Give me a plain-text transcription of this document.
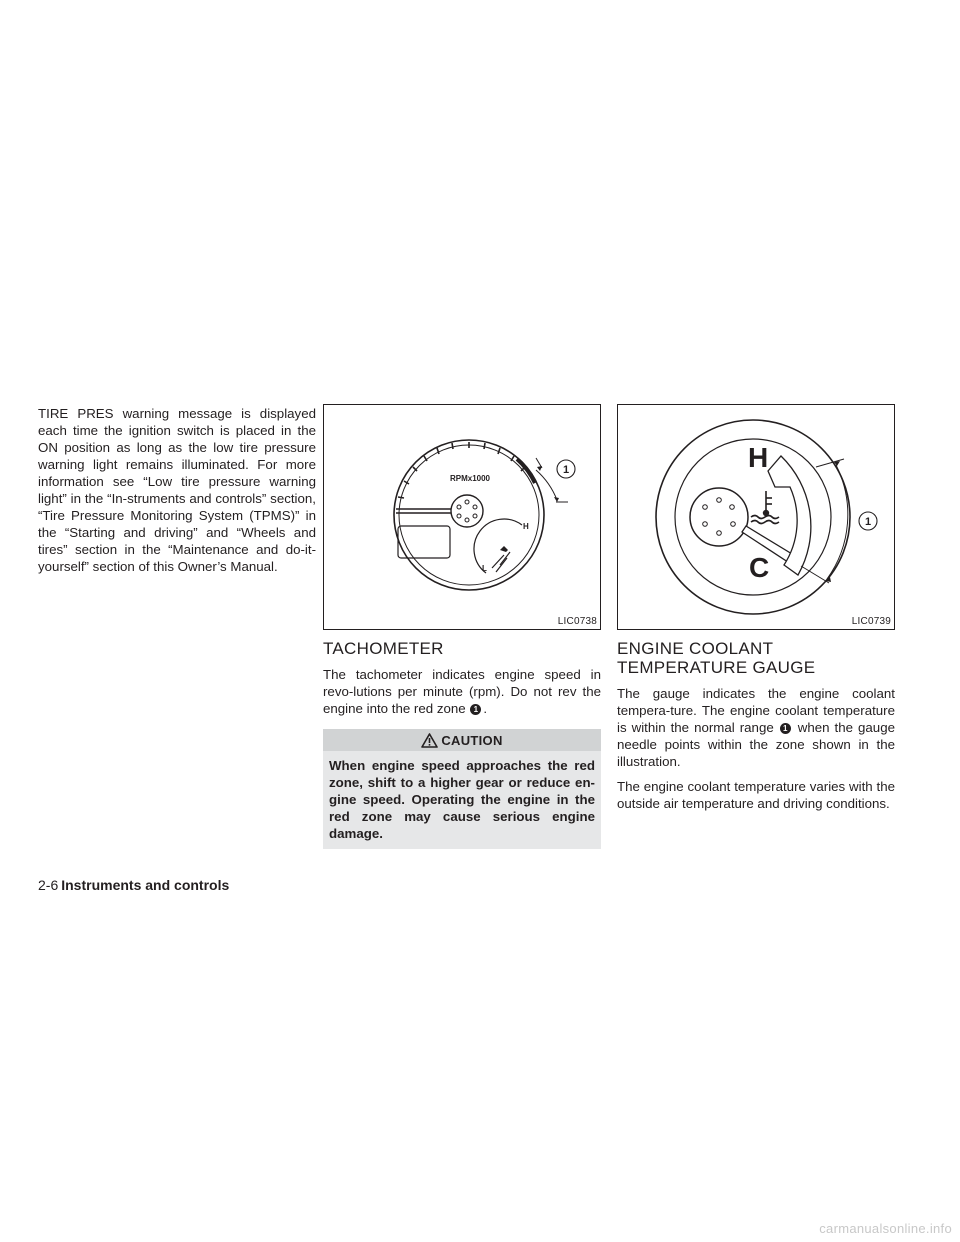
TIRE PRES warning message is displayed each time the ignition switch is placed in the ON position as long as the low tire pressure warning light remains illuminated. For more information see “Low tire pressure warning light” in the “In-struments and controls” section, “Tire Pressure Monitoring System (TPMS)” in the “Starting and driving” and “Wheels and tires” section in the “Maintenance and do-it-yourself” section of this Owner’s Manual.

1
RPMx1000
H
L
LIC0738
TACHOMETER

The tachometer indicates engine speed in revo-lutions per minute (rpm). Do not rev the engine into the red zone 1 .

CAUTION
When engine speed approaches the red zone, shift to a higher gear or reduce en-gine speed. Operating the engine in the red zone may cause serious engine damage.
1
H
C
LIC0739
ENGINE COOLANT TEMPERATURE GAUGE

The gauge indicates the engine coolant tempera-ture. The engine coolant temperature is within the normal range 1 when the gauge needle points within the zone shown in the illustration.

The engine coolant temperature varies with the outside air temperature and driving conditions.

2-6 Instruments and controls
carmanualsonline.info
